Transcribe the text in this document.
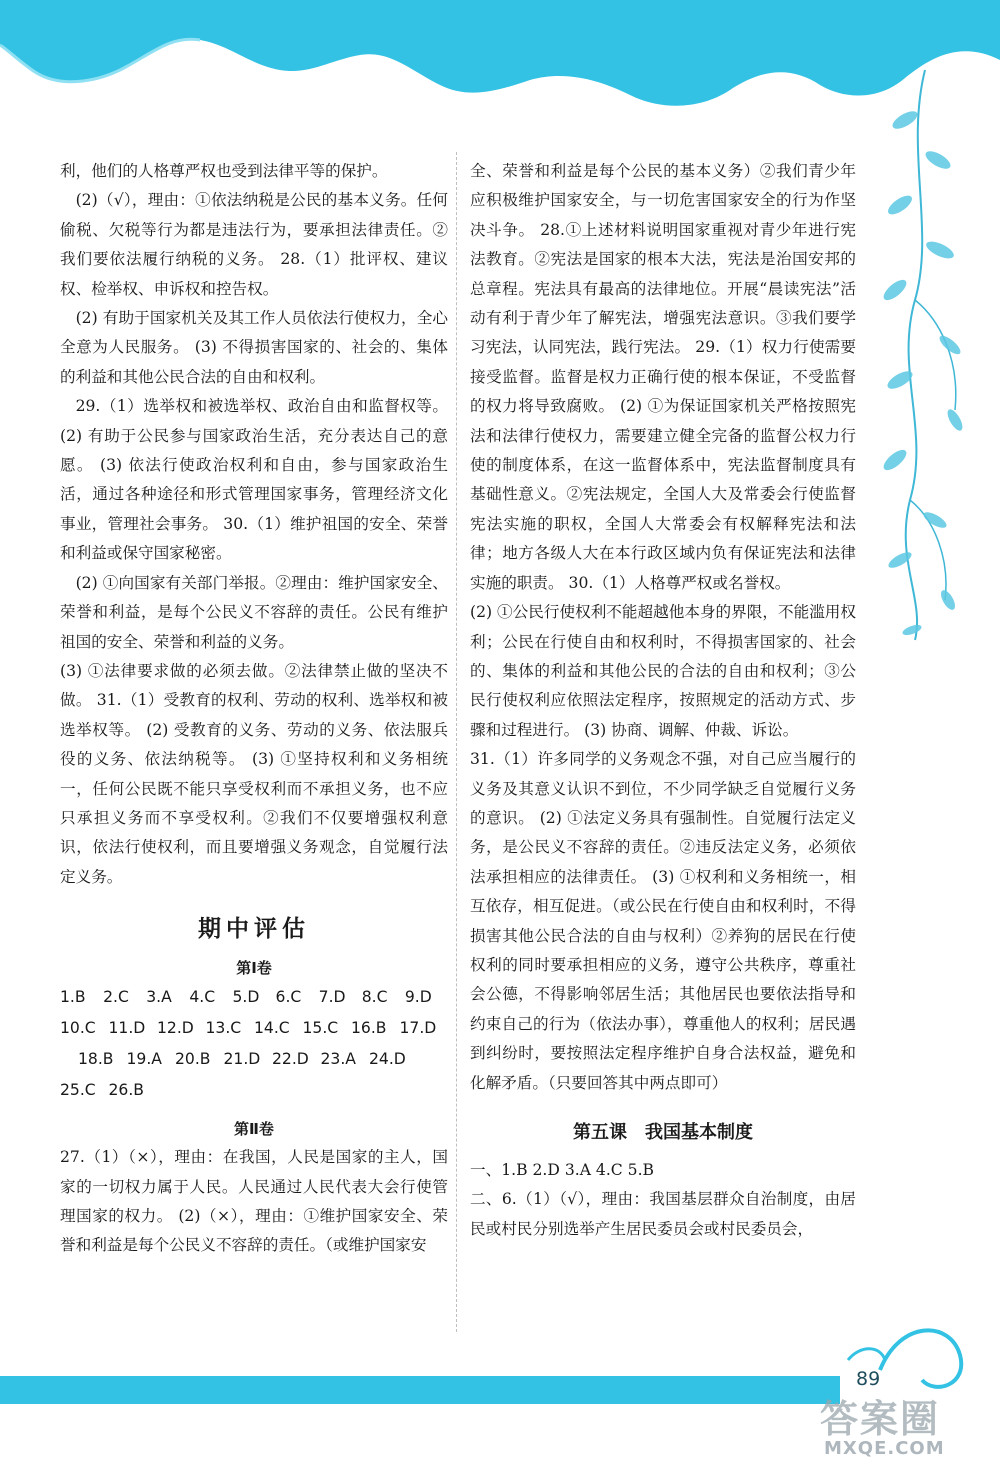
利，他们的人格尊严权也受到法律平等的保护。

(2)（√），理由：①依法纳税是公民的基本义务。任何偷税、欠税等行为都是违法行为，要承担法律责任。②我们要依法履行纳税的义务。 28.（1）批评权、建议权、检举权、申诉权和控告权。

(2) 有助于国家机关及其工作人员依法行使权力，全心全意为人民服务。 (3) 不得损害国家的、社会的、集体的利益和其他公民合法的自由和权利。

29.（1）选举权和被选举权、政治自由和监督权等。 (2) 有助于公民参与国家政治生活，充分表达自己的意愿。 (3) 依法行使政治权利和自由，参与国家政治生活，通过各种途径和形式管理国家事务，管理经济文化事业，管理社会事务。 30.（1）维护祖国的安全、荣誉和利益或保守国家秘密。

(2) ①向国家有关部门举报。②理由：维护国家安全、荣誉和利益，是每个公民义不容辞的责任。公民有维护祖国的安全、荣誉和利益的义务。

(3) ①法律要求做的必须去做。②法律禁止做的坚决不做。 31.（1）受教育的权利、劳动的权利、选举权和被选举权等。 (2) 受教育的义务、劳动的义务、依法服兵役的义务、依法纳税等。 (3) ①坚持权利和义务相统一，任何公民既不能只享受权利而不承担义务，也不应只承担义务而不享受权利。②我们不仅要增强权利意识，依法行使权利，而且要增强义务观念，自觉履行法定义务。

期中评估
第Ⅰ卷
1.B	2.C	3.A	4.C	5.D	6.C	7.D	8.C	9.D
10.C 11.D 12.D 13.C 14.C 15.C 16.B 17.D
18.B 19.A 20.B 21.D 22.D 23.A 24.D
25.C 26.B
第Ⅱ卷

27.（1）（×），理由：在我国，人民是国家的主人，国家的一切权力属于人民。人民通过人民代表大会行使管理国家的权力。 (2)（×），理由：①维护国家安全、荣誉和利益是每个公民义不容辞的责任。（或维护国家安

全、荣誉和利益是每个公民的基本义务）②我们青少年应积极维护国家安全，与一切危害国家安全的行为作坚决斗争。 28.①上述材料说明国家重视对青少年进行宪法教育。②宪法是国家的根本大法，宪法是治国安邦的总章程。宪法具有最高的法律地位。开展“晨读宪法”活动有利于青少年了解宪法，增强宪法意识。③我们要学习宪法，认同宪法，践行宪法。 29.（1）权力行使需要接受监督。监督是权力正确行使的根本保证，不受监督的权力将导致腐败。 (2) ①为保证国家机关严格按照宪法和法律行使权力，需要建立健全完备的监督公权力行使的制度体系，在这一监督体系中，宪法监督制度具有基础性意义。②宪法规定，全国人大及常委会行使监督宪法实施的职权，全国人大常委会有权解释宪法和法律；地方各级人大在本行政区域内负有保证宪法和法律实施的职责。 30.（1）人格尊严权或名誉权。

(2) ①公民行使权利不能超越他本身的界限，不能滥用权利；公民在行使自由和权利时，不得损害国家的、社会的、集体的利益和其他公民的合法的自由和权利；③公民行使权利应依照法定程序，按照规定的活动方式、步骤和过程进行。 (3) 协商、调解、仲裁、诉讼。

31.（1）许多同学的义务观念不强，对自己应当履行的义务及其意义认识不到位，不少同学缺乏自觉履行义务的意识。 (2) ①法定义务具有强制性。自觉履行法定义务，是公民义不容辞的责任。②违反法定义务，必须依法承担相应的法律责任。 (3) ①权利和义务相统一，相互依存，相互促进。（或公民在行使自由和权利时，不得损害其他公民合法的自由与权利）②养狗的居民在行使权利的同时要承担相应的义务，遵守公共秩序，尊重社会公德，不得影响邻居生活；其他居民也要依法指导和约束自己的行为（依法办事），尊重他人的权利；居民遇到纠纷时，要按照法定程序维护自身合法权益，避免和化解矛盾。（只要回答其中两点即可）

第五课　我国基本制度

一、1.B 2.D 3.A 4.C 5.B

二、6.（1）（√），理由：我国基层群众自治制度，由居民或村民分别选举产生居民委员会或村民委员会，

89
答案圈
MXQE.COM
